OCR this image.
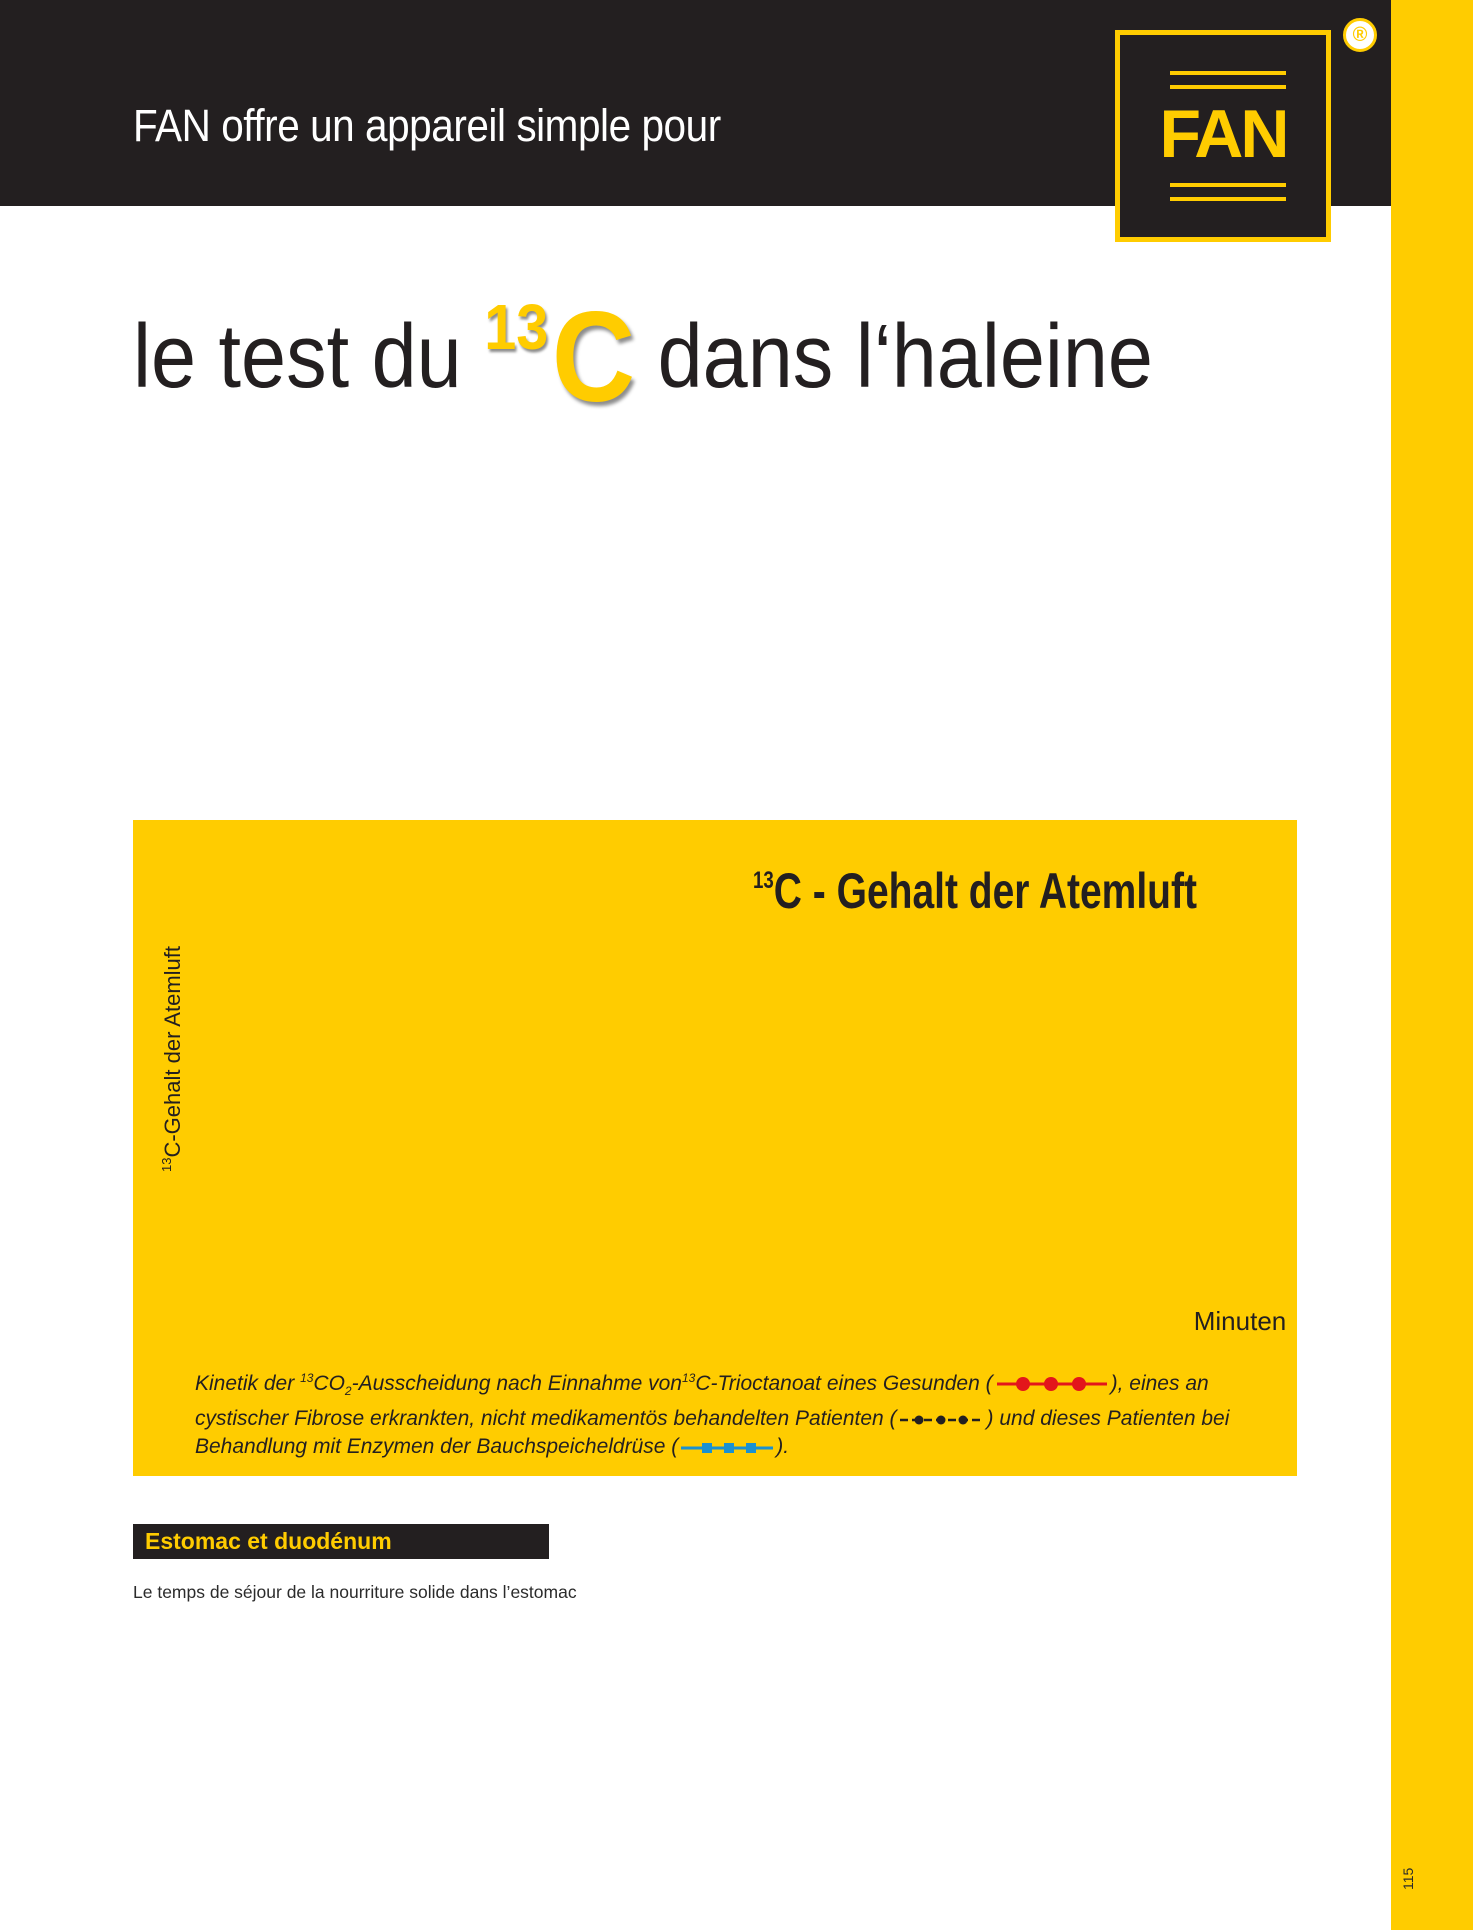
FAN offre un appareil simple pour
115
FAN
®
le test du 13C dans l‘haleine

$^{13}$C - Gehalt der Atemluft
$^{13}$C-Gehalt der Atemluft
Minuten
Kinetik der $^{13}CO_2$-Ausscheidung nach Einnahme von$^{13}$C-Trioctanoat eines Gesunden (	), eines an cystischer Fibrose erkrankten, nicht medikamentös behandelten Patienten (	) und dieses Patienten bei Behandlung mit Enzymen der Bauchspeicheldrüse (	).
Estomac et duodénum

Le temps de séjour de la nourriture solide dans l’estomac
